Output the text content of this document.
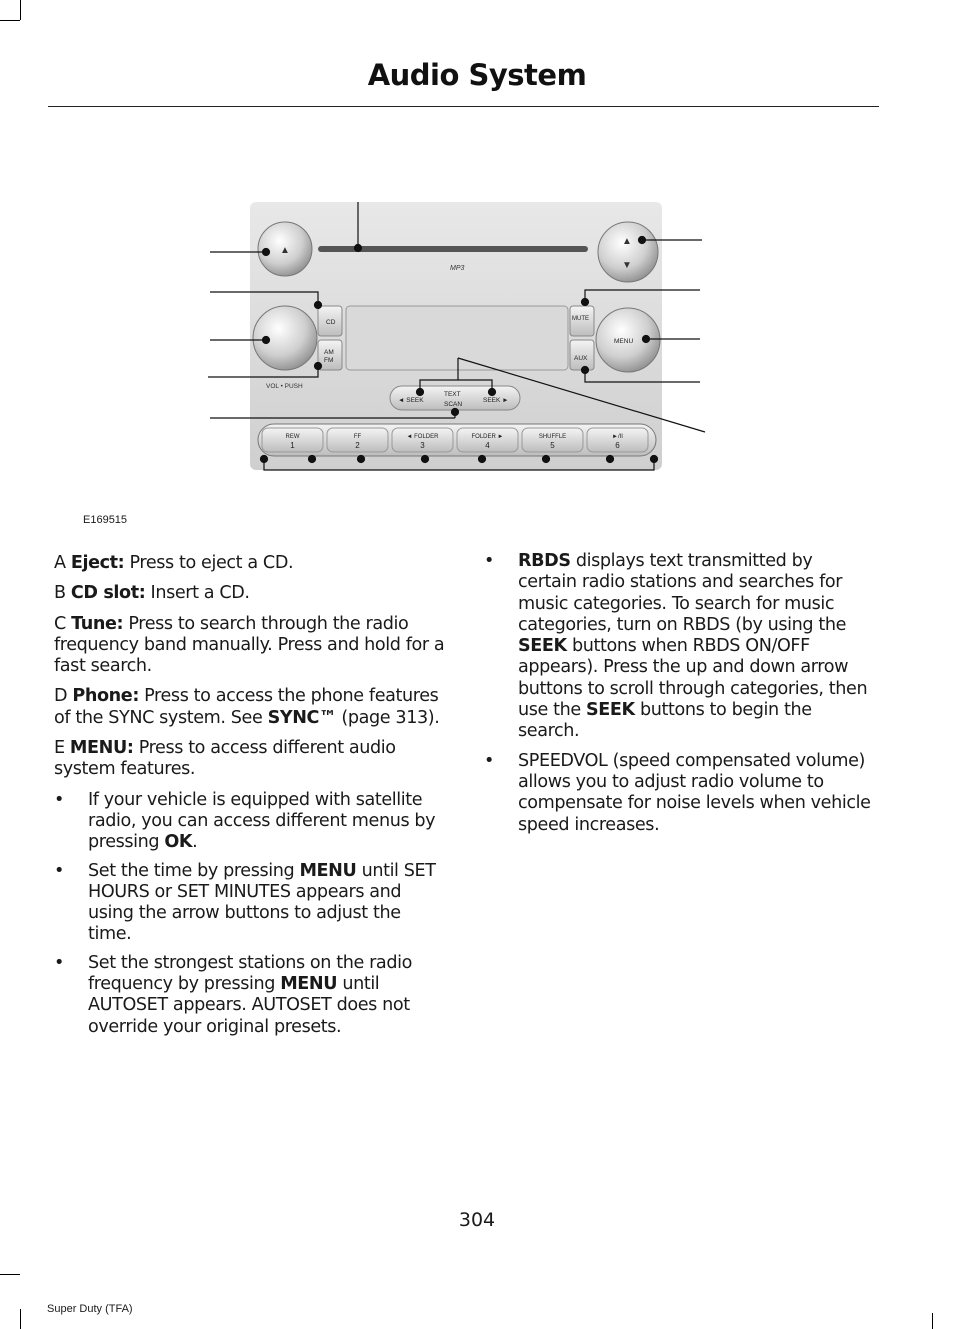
Audio System
MP3
▲
▲
▼
VOL • PUSH
MENU
CD
AM
FM
MUTE
AUX
◄ SEEK
TEXT
SCAN
SEEK ►
REW
1
FF
2
◄ FOLDER
3
FOLDER ►
4
SHUFFLE
5
►/II
6
E169515

A Eject: Press to eject a CD.

B CD slot: Insert a CD.

C Tune: Press to search through the radio frequency band manually. Press and hold for a fast search.

D Phone: Press to access the phone features of the SYNC system. See SYNC™ (page 313).

E MENU: Press to access different audio system features.

• If your vehicle is equipped with satellite radio, you can access different menus by pressing OK.
• Set the time by pressing MENU until SET HOURS or SET MINUTES appears and using the arrow buttons to adjust the time.
• Set the strongest stations on the radio frequency by pressing MENU until AUTOSET appears. AUTOSET does not override your original presets.
• RBDS displays text transmitted by certain radio stations and searches for music categories. To search for music categories, turn on RBDS (by using the SEEK buttons when RBDS ON/OFF appears). Press the up and down arrow buttons to scroll through categories, then use the SEEK buttons to begin the search.
• SPEEDVOL (speed compensated volume) allows you to adjust radio volume to compensate for noise levels when vehicle speed increases.
304
Super Duty (TFA)
